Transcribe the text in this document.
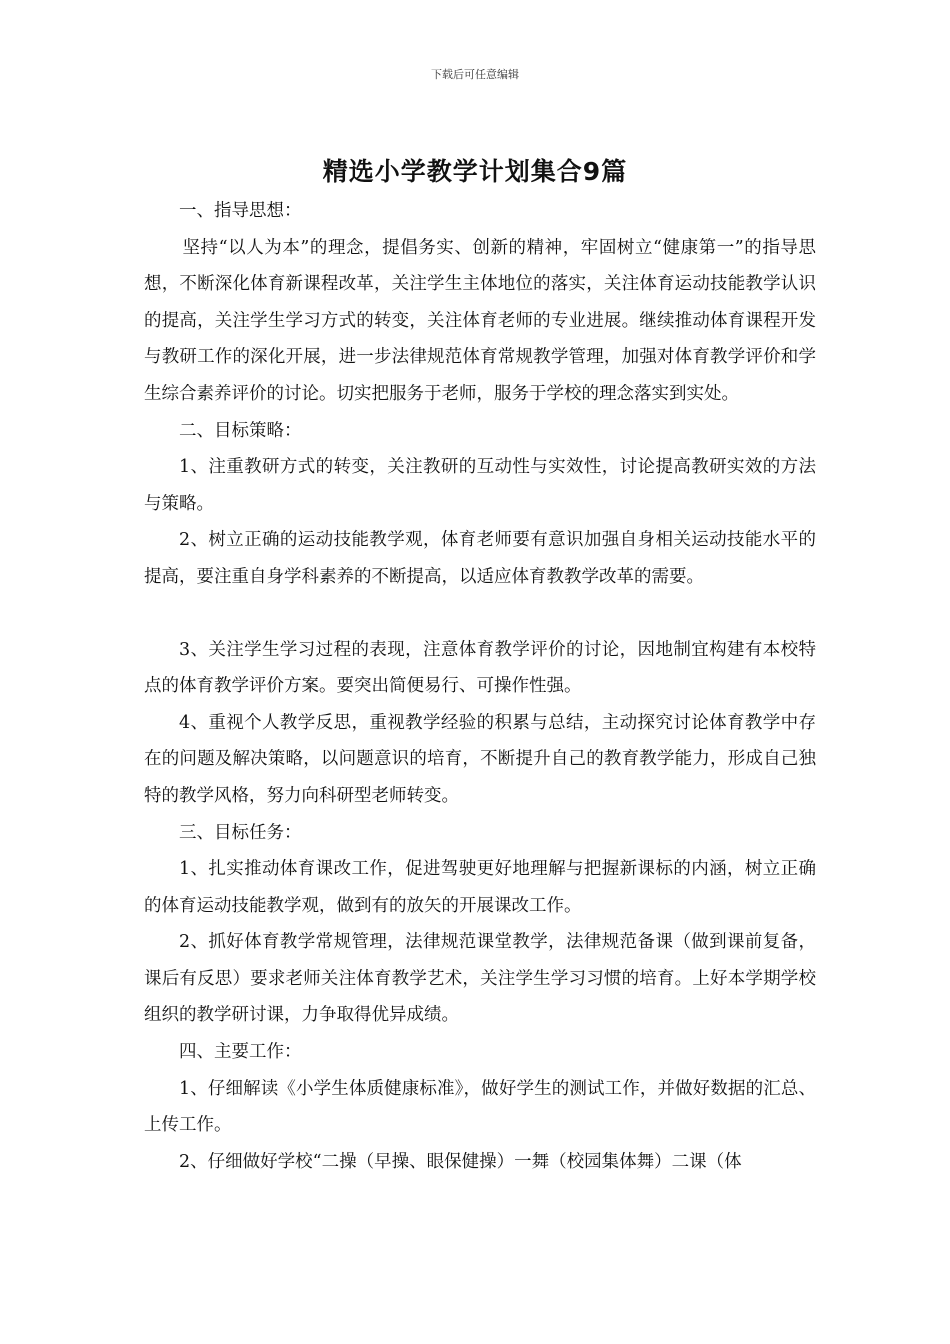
下载后可任意编辑
精选小学教学计划集合9篇

一、指导思想：

坚持“以人为本”的理念，提倡务实、创新的精神，牢固树立“健康第一”的指导思想，不断深化体育新课程改革，关注学生主体地位的落实，关注体育运动技能教学认识的提高，关注学生学习方式的转变，关注体育老师的专业进展。继续推动体育课程开发与教研工作的深化开展，进一步法律规范体育常规教学管理，加强对体育教学评价和学生综合素养评价的讨论。切实把服务于老师，服务于学校的理念落实到实处。

二、目标策略：

1、注重教研方式的转变，关注教研的互动性与实效性，讨论提高教研实效的方法与策略。

2、树立正确的运动技能教学观，体育老师要有意识加强自身相关运动技能水平的提高，要注重自身学科素养的不断提高，以适应体育教教学改革的需要。

3、关注学生学习过程的表现，注意体育教学评价的讨论，因地制宜构建有本校特点的体育教学评价方案。要突出简便易行、可操作性强。

4、重视个人教学反思，重视教学经验的积累与总结，主动探究讨论体育教学中存在的问题及解决策略，以问题意识的培育，不断提升自己的教育教学能力，形成自己独特的教学风格，努力向科研型老师转变。

三、目标任务：

1、扎实推动体育课改工作，促进驾驶更好地理解与把握新课标的内涵，树立正确的体育运动技能教学观，做到有的放矢的开展课改工作。

2、抓好体育教学常规管理，法律规范课堂教学，法律规范备课（做到课前复备，课后有反思）要求老师关注体育教学艺术，关注学生学习习惯的培育。上好本学期学校组织的教学研讨课，力争取得优异成绩。

四、主要工作：

1、仔细解读《小学生体质健康标准》，做好学生的测试工作，并做好数据的汇总、上传工作。

2、仔细做好学校“二操（早操、眼保健操）一舞（校园集体舞）二课（体
